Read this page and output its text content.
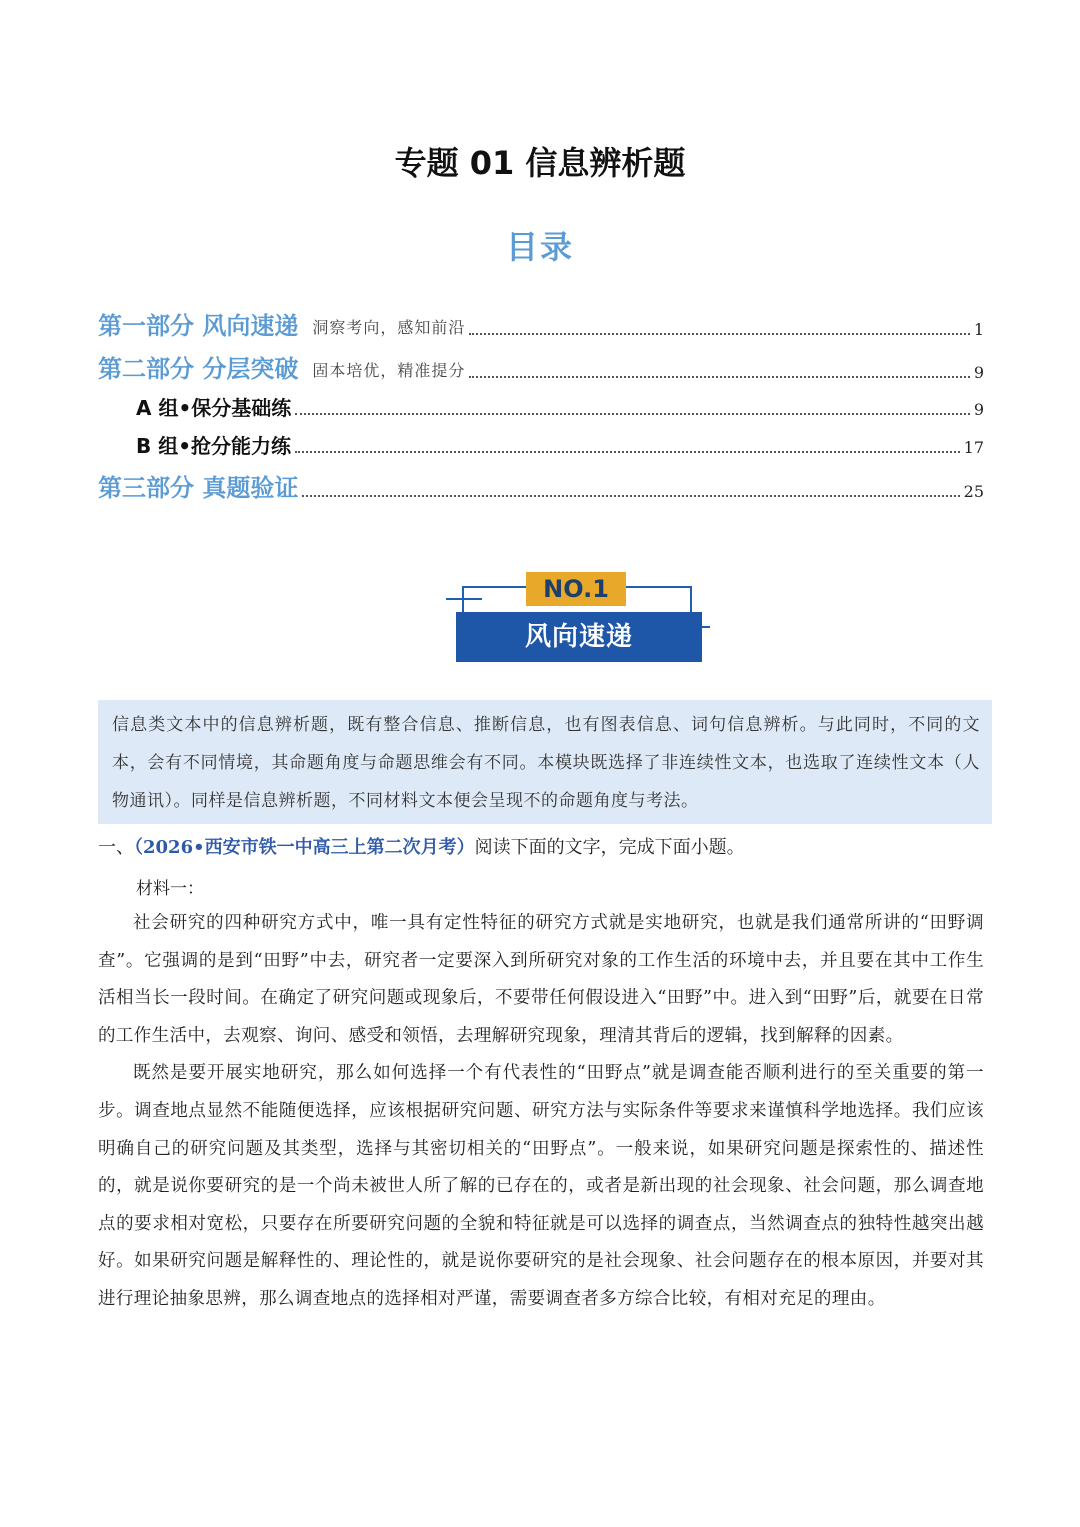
专题 01 信息辨析题
目录
第一部分 风向速递 洞察考向，感知前沿	1
第二部分 分层突破 固本培优，精准提分	9
A 组•保分基础练	9
B 组•抢分能力练	17
第三部分 真题验证	25
NO.1
风向速递
信息类文本中的信息辨析题，既有整合信息、推断信息，也有图表信息、词句信息辨析。与此同时，不同的文本，会有不同情境，其命题角度与命题思维会有不同。本模块既选择了非连续性文本，也选取了连续性文本（人物通讯）。同样是信息辨析题，不同材料文本便会呈现不的命题角度与考法。
一、（2026•西安市铁一中高三上第二次月考）阅读下面的文字，完成下面小题。
材料一：

社会研究的四种研究方式中，唯一具有定性特征的研究方式就是实地研究，也就是我们通常所讲的“田野调查”。它强调的是到“田野”中去，研究者一定要深入到所研究对象的工作生活的环境中去，并且要在其中工作生活相当长一段时间。在确定了研究问题或现象后，不要带任何假设进入“田野”中。进入到“田野”后，就要在日常的工作生活中，去观察、询问、感受和领悟，去理解研究现象，理清其背后的逻辑，找到解释的因素。

既然是要开展实地研究，那么如何选择一个有代表性的“田野点”就是调查能否顺利进行的至关重要的第一步。调查地点显然不能随便选择，应该根据研究问题、研究方法与实际条件等要求来谨慎科学地选择。我们应该明确自己的研究问题及其类型，选择与其密切相关的“田野点”。一般来说，如果研究问题是探索性的、描述性的，就是说你要研究的是一个尚未被世人所了解的已存在的，或者是新出现的社会现象、社会问题，那么调查地点的要求相对宽松，只要存在所要研究问题的全貌和特征就是可以选择的调查点，当然调查点的独特性越突出越好。如果研究问题是解释性的、理论性的，就是说你要研究的是社会现象、社会问题存在的根本原因，并要对其进行理论抽象思辨，那么调查地点的选择相对严谨，需要调查者多方综合比较，有相对充足的理由。
